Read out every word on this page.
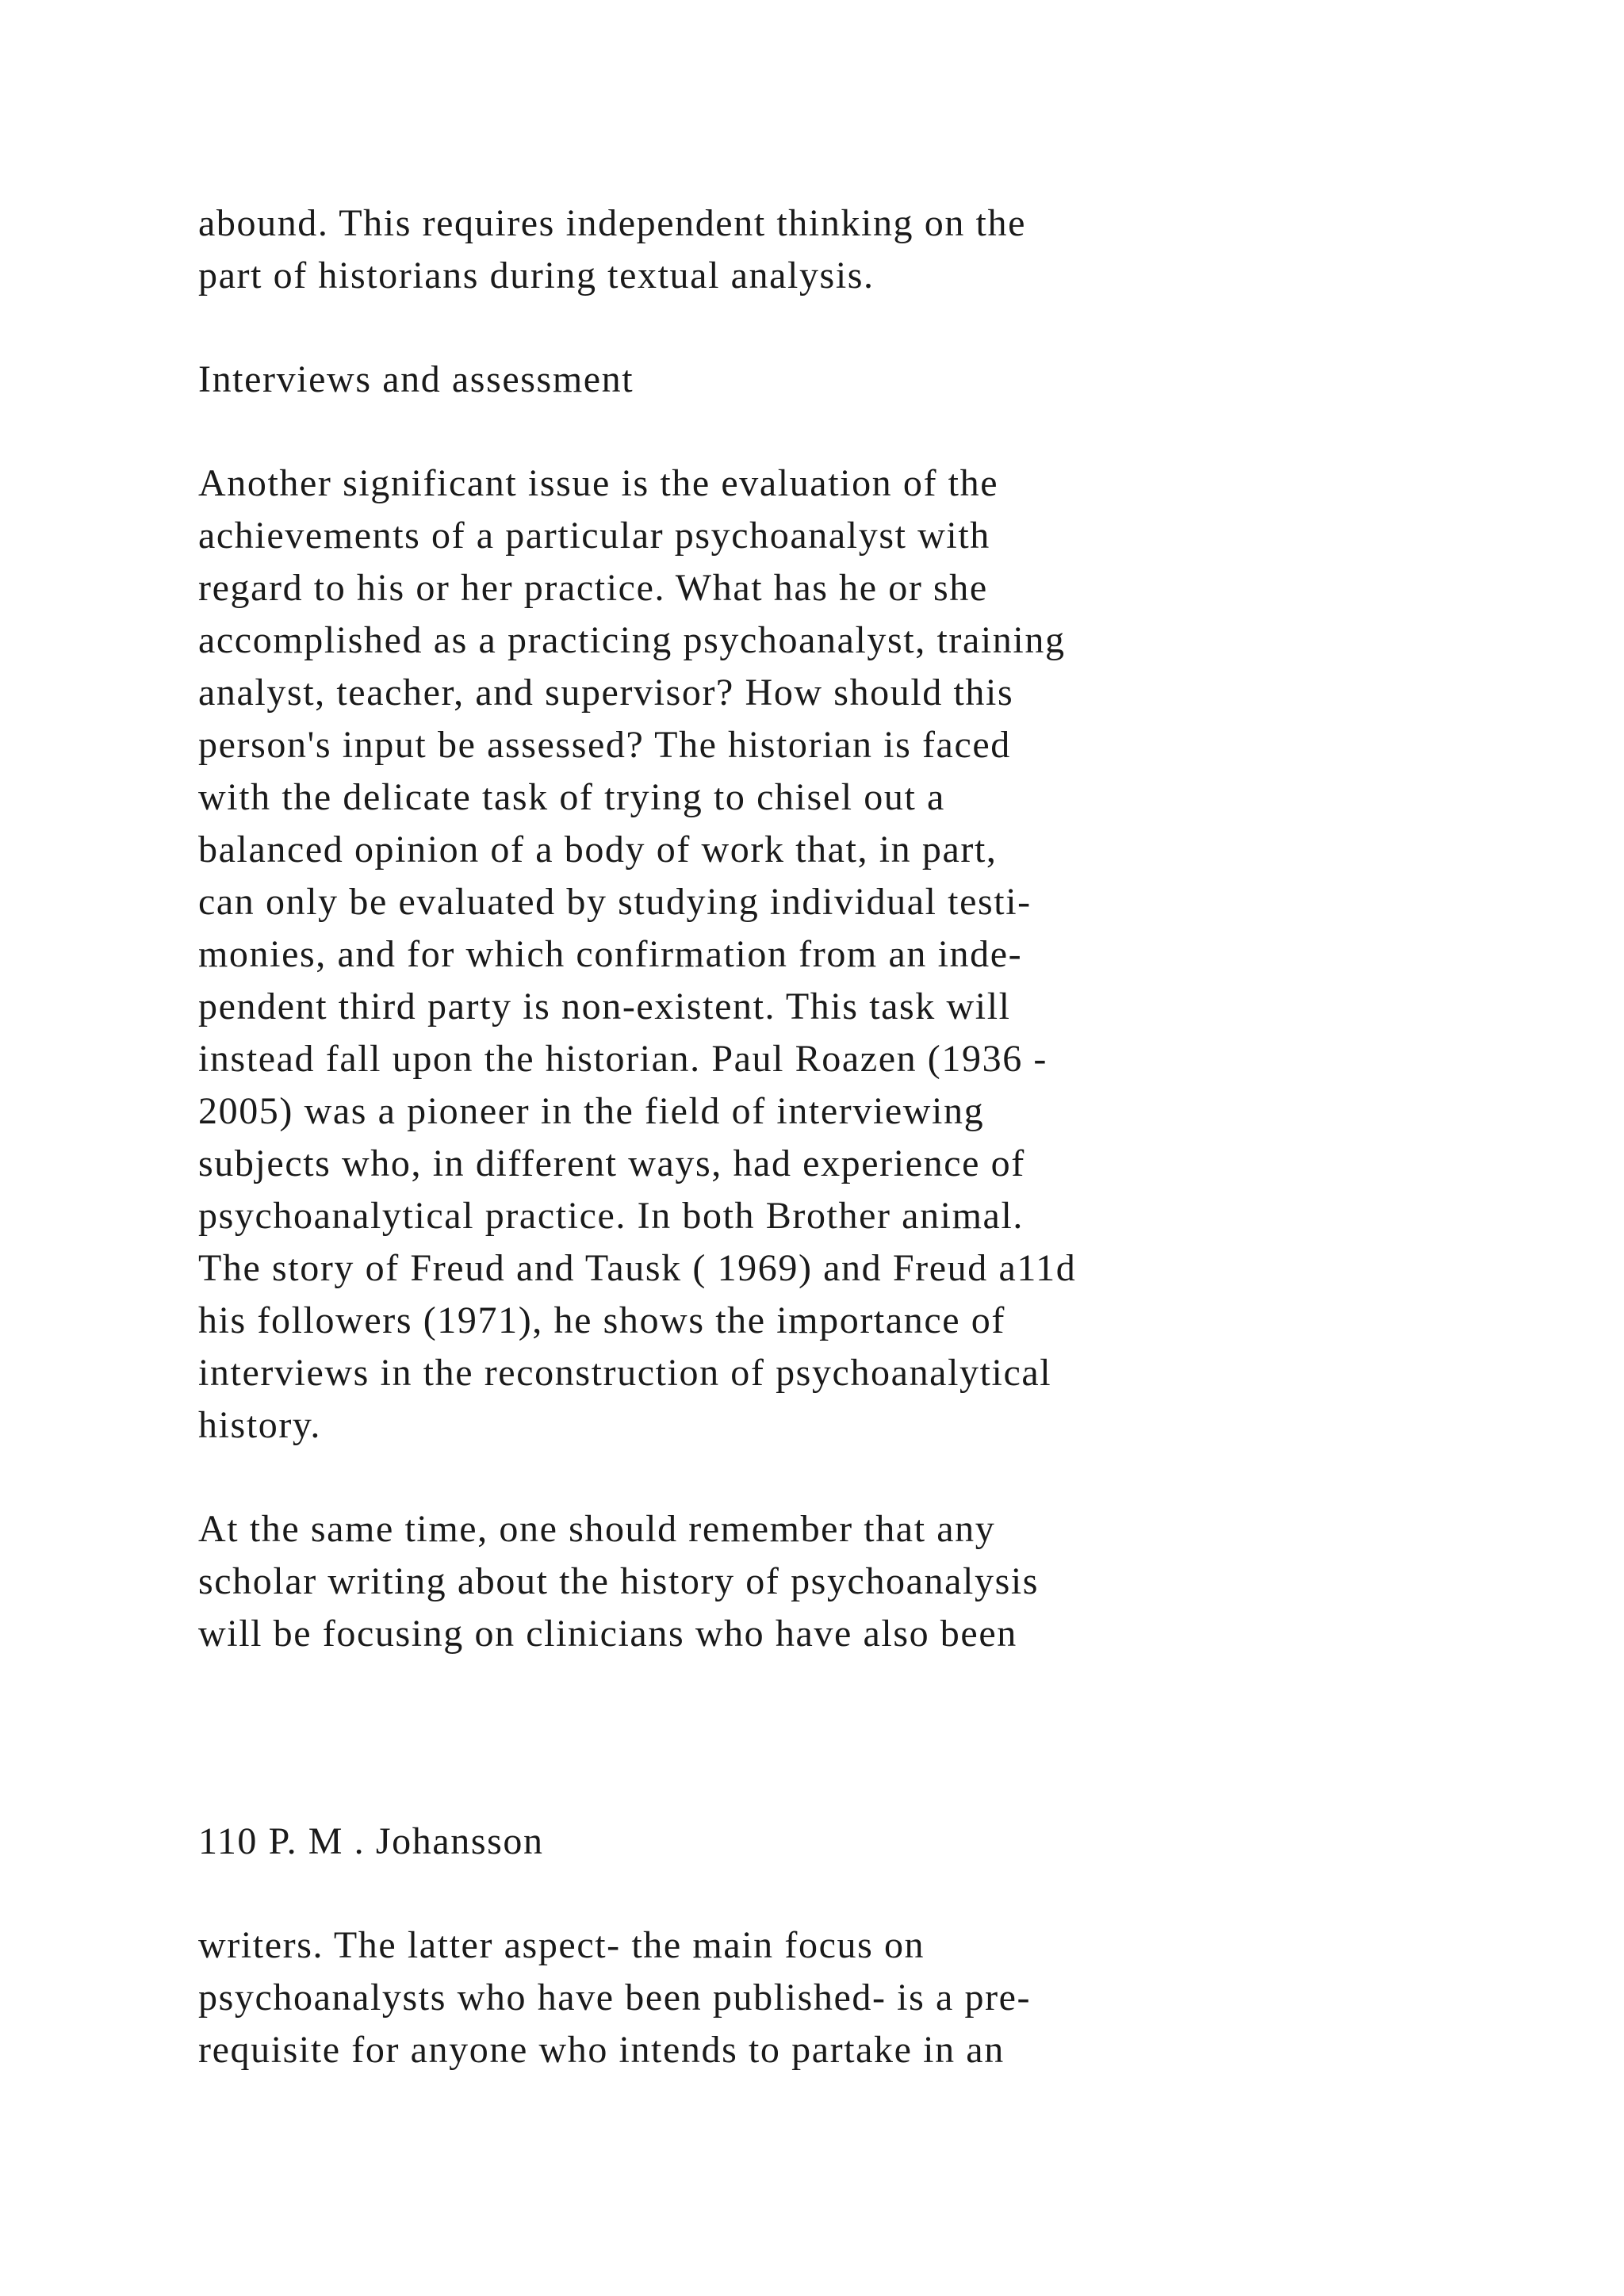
abound. This requires independent thinking on the

part of historians during textual analysis.

Interviews and assessment

Another significant issue is the evaluation of the

achievements of a particular psychoanalyst with

regard to his or her practice. What has he or she

accomplished as a practicing psychoanalyst, training

analyst, teacher, and supervisor? How should this

person's input be assessed? The historian is faced

with the delicate task of trying to chisel out a

balanced opinion of a body of work that, in part,

can only be evaluated by studying individual testi-

monies, and for which confirmation from an inde-

pendent third party is non-existent. This task will

instead fall upon the historian. Paul Roazen (1936 -

2005) was a pioneer in the field of interviewing

subjects who, in different ways, had experience of

psychoanalytical practice. In both Brother animal.

The story of Freud and Tausk ( 1969) and Freud a11d

his followers (1971), he shows the importance of

interviews in the reconstruction of psychoanalytical

history.

At the same time, one should remember that any

scholar writing about the history of psychoanalysis

will be focusing on clinicians who have also been

110 P. M . Johansson

writers. The latter aspect- the main focus on

psychoanalysts who have been published- is a pre-

requisite for anyone who intends to partake in an
